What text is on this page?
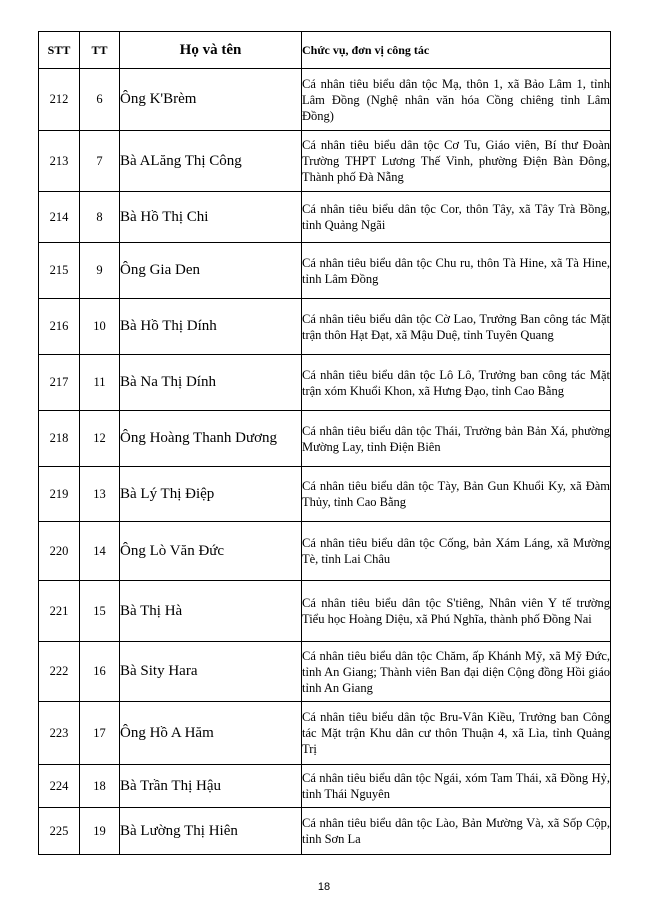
STT	TT	Họ và tên	Chức vụ, đơn vị công tác
212	6	Ông K'Brèm	Cá nhân tiêu biểu dân tộc Mạ, thôn 1, xã Bảo Lâm 1, tỉnh Lâm Đồng (Nghệ nhân văn hóa Cồng chiêng tỉnh Lâm Đồng)
213	7	Bà ALăng Thị Công	Cá nhân tiêu biểu dân tộc Cơ Tu, Giáo viên, Bí thư Đoàn Trường THPT Lương Thế Vinh, phường Điện Bàn Đông, Thành phố Đà Nẵng
214	8	Bà Hồ Thị Chi	Cá nhân tiêu biểu dân tộc Cor, thôn Tây, xã Tây Trà Bồng, tỉnh Quảng Ngãi
215	9	Ông Gia Den	Cá nhân tiêu biểu dân tộc Chu ru, thôn Tà Hine, xã Tà Hine, tỉnh Lâm Đồng
216	10	Bà Hồ Thị Dính	Cá nhân tiêu biểu dân tộc Cờ Lao, Trưởng Ban công tác Mặt trận thôn Hạt Đạt, xã Mậu Duệ, tỉnh Tuyên Quang
217	11	Bà Na Thị Dính	Cá nhân tiêu biểu dân tộc Lô Lô, Trưởng ban công tác Mặt trận xóm Khuổi Khon, xã Hưng Đạo, tỉnh Cao Bằng
218	12	Ông Hoàng Thanh Dương	Cá nhân tiêu biểu dân tộc Thái, Trưởng bản Bản Xá, phường Mường Lay, tỉnh Điện Biên
219	13	Bà Lý Thị Điệp	Cá nhân tiêu biểu dân tộc Tày, Bản Gun Khuổi Ky, xã Đàm Thủy, tỉnh Cao Bằng
220	14	Ông Lò Văn Đức	Cá nhân tiêu biểu dân tộc Cống, bản Xám Láng, xã Mường Tè, tỉnh Lai Châu
221	15	Bà Thị Hà	Cá nhân tiêu biểu dân tộc S'tiêng, Nhân viên Y tế trường Tiểu học Hoàng Diệu, xã Phú Nghĩa, thành phố Đồng Nai
222	16	Bà Sity Hara	Cá nhân tiêu biểu dân tộc Chăm, ấp Khánh Mỹ, xã Mỹ Đức, tỉnh An Giang; Thành viên Ban đại diện Cộng đồng Hồi giáo tỉnh An Giang
223	17	Ông Hồ A Hăm	Cá nhân tiêu biểu dân tộc Bru-Vân Kiều, Trưởng ban Công tác Mặt trận Khu dân cư thôn Thuận 4, xã Lìa, tỉnh Quảng Trị
224	18	Bà Trần Thị Hậu	Cá nhân tiêu biểu dân tộc Ngái, xóm Tam Thái, xã Đồng Hỷ, tỉnh Thái Nguyên
225	19	Bà Lường Thị Hiên	Cá nhân tiêu biểu dân tộc Lào, Bản Mường Và, xã Sốp Cộp, tỉnh Sơn La
18
